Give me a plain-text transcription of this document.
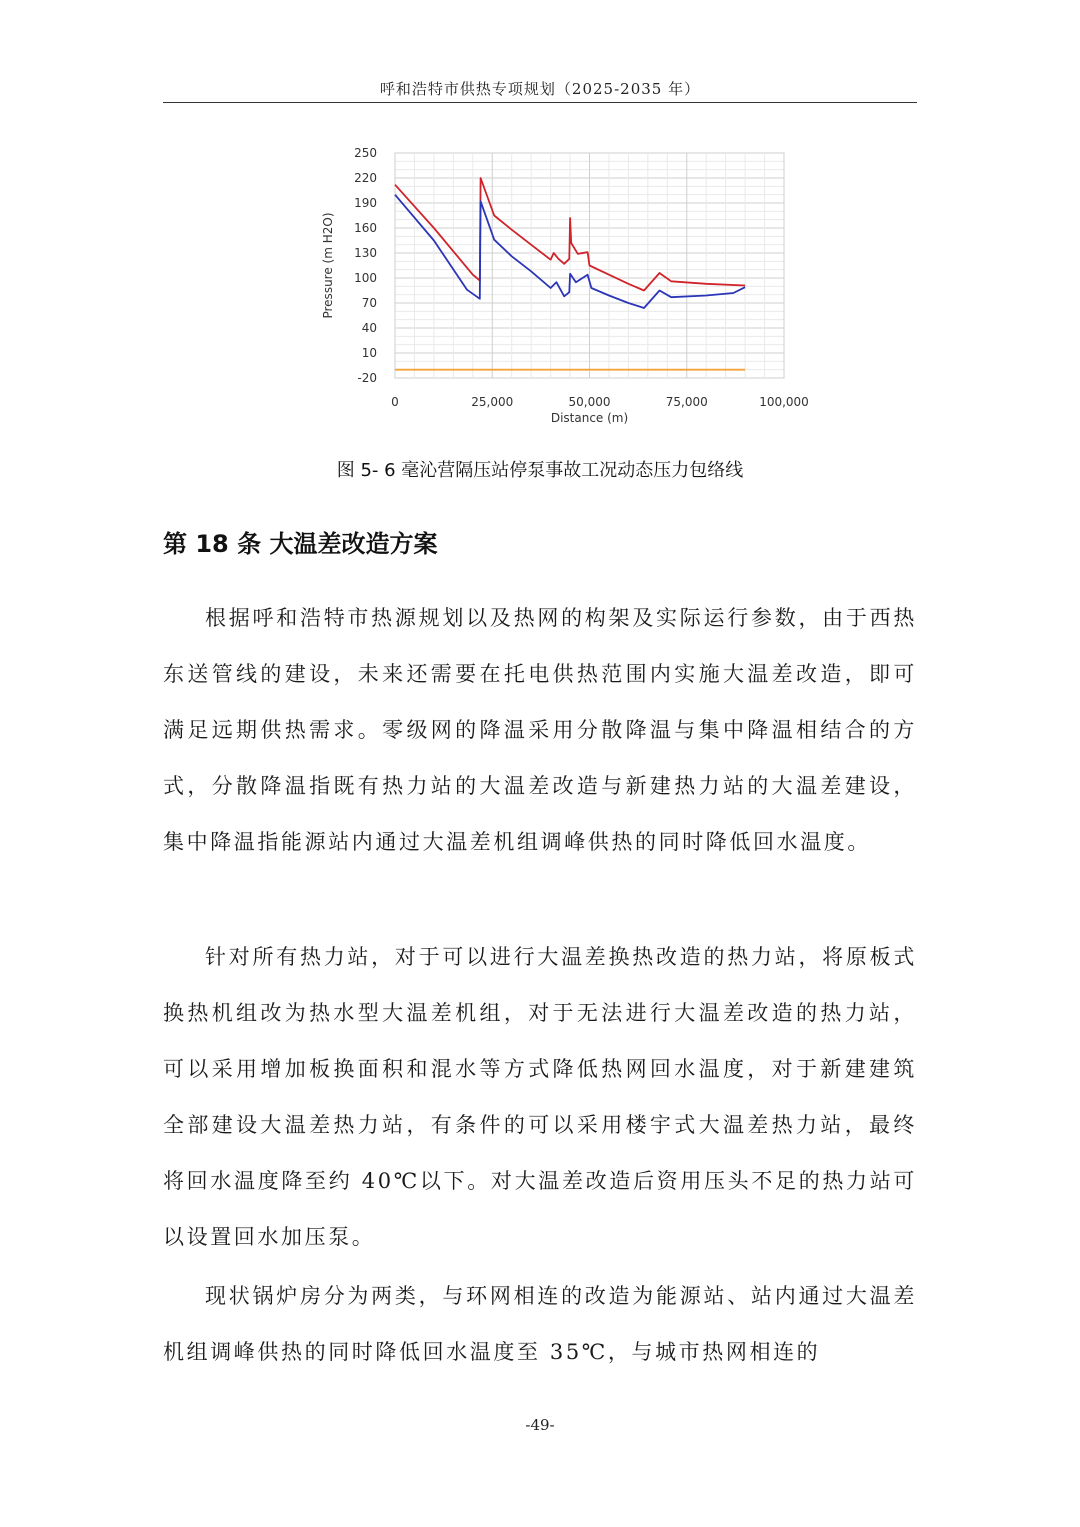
呼和浩特市供热专项规划（2025-2035 年）
250
220
190
160
130
100
70
40
10
-20
0	25,000	50,000	75,000	100,000
Distance (m)
Pressure (m H2O)
图 5- 6 毫沁营隔压站停泵事故工况动态压力包络线
第 18 条 大温差改造方案

根据呼和浩特市热源规划以及热网的构架及实际运行参数，由于西热东送管线的建设，未来还需要在托电供热范围内实施大温差改造，即可满足远期供热需求。零级网的降温采用分散降温与集中降温相结合的方式，分散降温指既有热力站的大温差改造与新建热力站的大温差建设，集中降温指能源站内通过大温差机组调峰供热的同时降低回水温度。

针对所有热力站，对于可以进行大温差换热改造的热力站，将原板式换热机组改为热水型大温差机组，对于无法进行大温差改造的热力站，可以采用增加板换面积和混水等方式降低热网回水温度，对于新建建筑全部建设大温差热力站，有条件的可以采用楼宇式大温差热力站，最终将回水温度降至约 40℃以下。对大温差改造后资用压头不足的热力站可以设置回水加压泵。

现状锅炉房分为两类，与环网相连的改造为能源站、站内通过大温差机组调峰供热的同时降低回水温度至 35℃，与城市热网相连的

-49-
